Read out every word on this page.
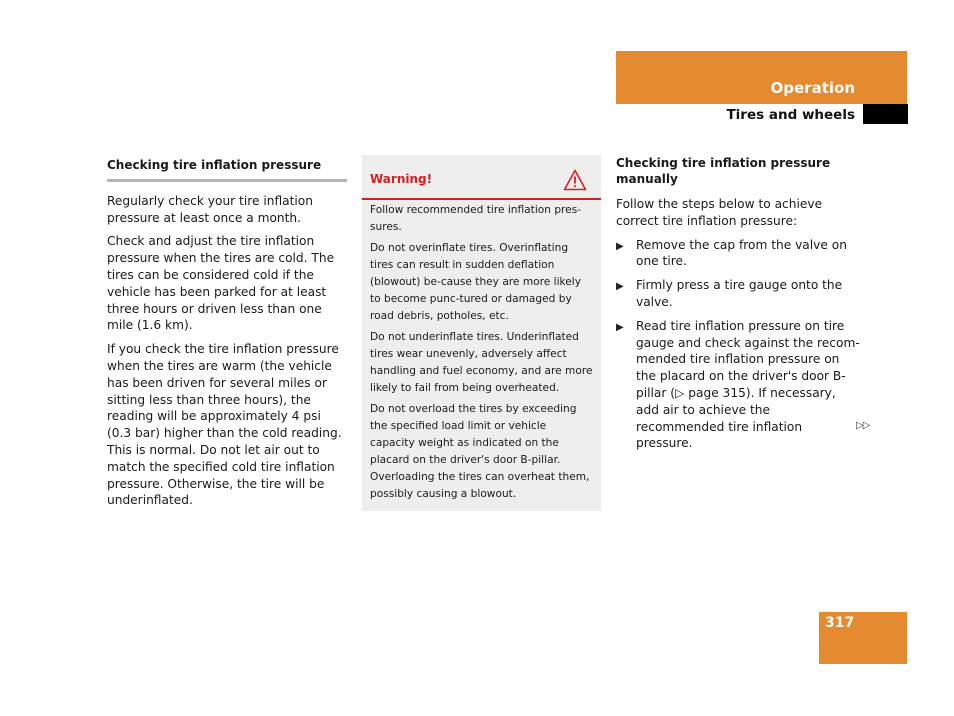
Operation
Tires and wheels
Checking tire inflation pressure

Regularly check your tire inflation pressure at least once a month.

Check and adjust the tire inflation pressure when the tires are cold. The tires can be considered cold if the vehicle has been parked for at least three hours or driven less than one mile (1.6 km).

If you check the tire inflation pressure when the tires are warm (the vehicle has been driven for several miles or sitting less than three hours), the reading will be approximately 4 psi (0.3 bar) higher than the cold reading. This is normal. Do not let air out to match the specified cold tire inflation pressure. Otherwise, the tire will be underinflated.

Warning!

Follow recommended tire inflation pres-sures.

Do not overinflate tires. Overinflating tires can result in sudden deflation (blowout) be-cause they are more likely to become punc-tured or damaged by road debris, potholes, etc.

Do not underinflate tires. Underinflated tires wear unevenly, adversely affect handling and fuel economy, and are more likely to fail from being overheated.

Do not overload the tires by exceeding the specified load limit or vehicle capacity weight as indicated on the placard on the driver's door B-pillar. Overloading the tires can overheat them, possibly causing a blowout.

Checking tire inflation pressure manually

Follow the steps below to achieve correct tire inflation pressure:

▶ Remove the cap from the valve on one tire.
▶ Firmly press a tire gauge onto the valve.
▶ Read tire inflation pressure on tire gauge and check against the recom-mended tire inflation pressure on the placard on the driver's door B-pillar (▷ page 315). If necessary, add air to achieve the recommended tire inflation pressure.
▷▷
317
